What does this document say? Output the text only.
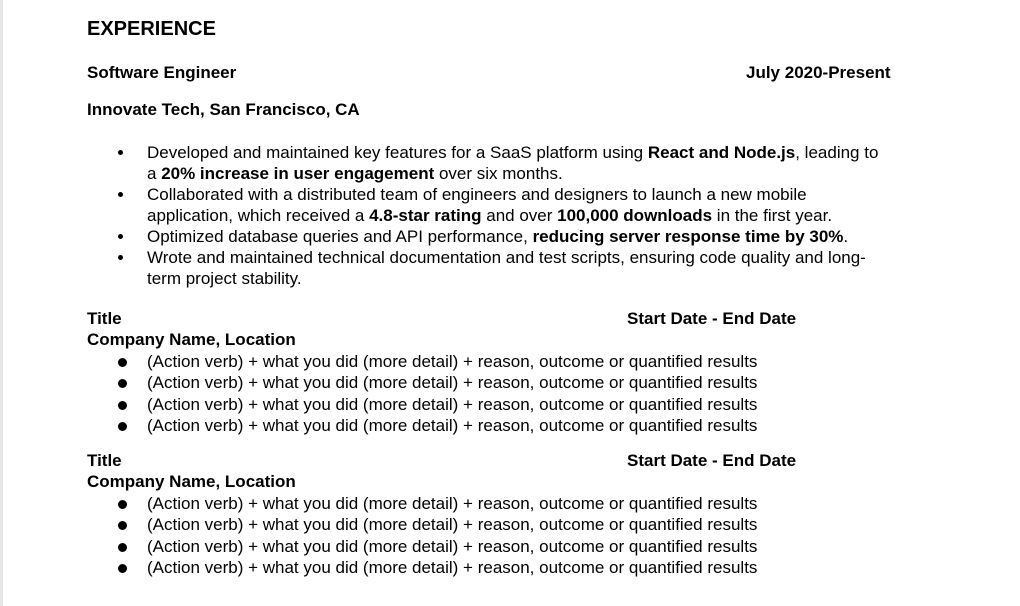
EXPERIENCE
Software Engineer	July 2020-Present
Innovate Tech, San Francisco, CA
Developed and maintained key features for a SaaS platform using React and Node.js, leading to
a 20% increase in user engagement over six months.
Collaborated with a distributed team of engineers and designers to launch a new mobile
application, which received a 4.8-star rating and over 100,000 downloads in the first year.
Optimized database queries and API performance, reducing server response time by 30%.
Wrote and maintained technical documentation and test scripts, ensuring code quality and long-
term project stability.
Title	Start Date - End Date
Company Name, Location
(Action verb) + what you did (more detail) + reason, outcome or quantified results
(Action verb) + what you did (more detail) + reason, outcome or quantified results
(Action verb) + what you did (more detail) + reason, outcome or quantified results
(Action verb) + what you did (more detail) + reason, outcome or quantified results
Title	Start Date - End Date
Company Name, Location
(Action verb) + what you did (more detail) + reason, outcome or quantified results
(Action verb) + what you did (more detail) + reason, outcome or quantified results
(Action verb) + what you did (more detail) + reason, outcome or quantified results
(Action verb) + what you did (more detail) + reason, outcome or quantified results
